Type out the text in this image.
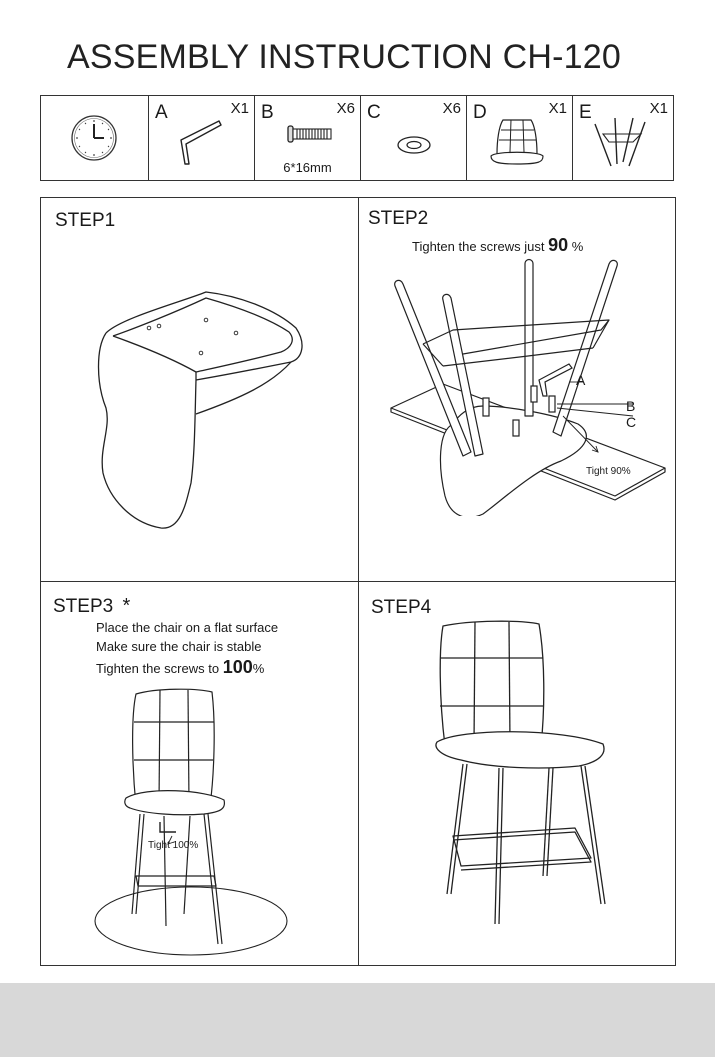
ASSEMBLY INSTRUCTION CH-120
A	X1 B	X6
6*16mm
C	X6 D	X1 E	X1
STEP1	STEP2
Tighten the screws just 90 %
A
B
C
Tight 90%
STEP3 *
Place the chair on a flat surface
Make sure the chair is stable
Tighten the screws to 100%
Tight 100%
STEP4
